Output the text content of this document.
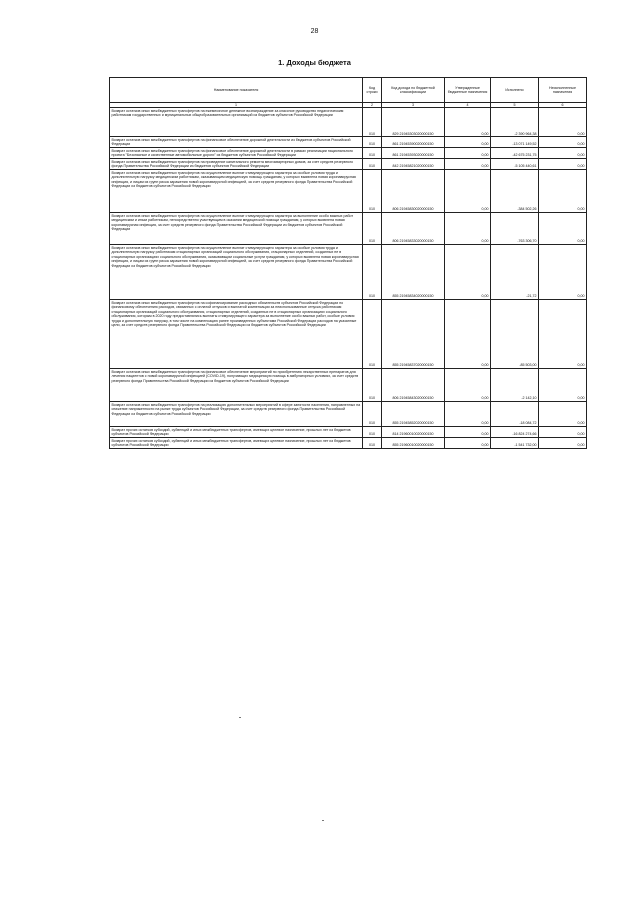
28
1. Доходы бюджета
Наименование показателя	Код строки	Код дохода по бюджетной классификации	Утвержденные бюджетные назначения	Исполнено	Неисполненные назначения
1	2	3	4	5	6
Возврат остатков иных межбюджетных трансфертов на ежемесячное денежное вознаграждение за классное руководство педагогическим работникам государственных и муниципальных общеобразовательных организаций из бюджетов субъектов Российской Федерации	010	829 21945303020000150	0,00	-2 390 964,38	0,00
Возврат остатков иных межбюджетных трансфертов на финансовое обеспечение дорожной деятельности из бюджетов субъектов Российской Федерации	010	861 21945390020000150	0,00	-13 071 149,52	0,00
Возврат остатков иных межбюджетных трансфертов на финансовое обеспечение дорожной деятельности в рамках реализации национального проекта "Безопасные и качественные автомобильные дороги" из бюджетов субъектов Российской Федерации	010	861 21945393020000150	0,00	-42 675 231,75	0,00
Возврат остатков иных межбюджетных трансфертов на проведение капитального ремонта многоквартирных домов, за счет средств резервного фонда Правительства Российской Федерации из бюджетов субъектов Российской Федерации	010	842 21945821020000150	0,00	-5 105 440,61	0,00
Возврат остатков иных межбюджетных трансфертов на осуществление выплат стимулирующего характера за особые условия труда и дополнительную нагрузку медицинским работникам, оказывающим медицинскую помощь гражданам, у которых выявлена новая коронавирусная инфекция, и лицам из групп риска заражения новой коронавирусной инфекцией, за счет средств резервного фонда Правительства Российской Федерации из бюджетов субъектов Российской Федерации	010	806 21945830020000150	0,00	-384 502,26	0,00
Возврат остатков иных межбюджетных трансфертов на осуществление выплат стимулирующего характера за выполнение особо важных работ медицинским и иным работникам, непосредственно участвующим в оказании медицинской помощи гражданам, у которых выявлена новая коронавирусная инфекция, за счет средств резервного фонда Правительства Российской Федерации из бюджетов субъектов Российской Федерации	010	806 21945833020000150	0,00	-763 306,70	0,00
Возврат остатков иных межбюджетных трансфертов на осуществление выплат стимулирующего характера за особые условия труда и дополнительную нагрузку работникам стационарных организаций социального обслуживания, стационарных отделений, созданных не в стационарных организациях социального обслуживания, оказывающим социальные услуги гражданам, у которых выявлена новая коронавирусная инфекция, и лицам из групп риска заражения новой коронавирусной инфекцией, за счет средств резервного фонда Правительства Российской Федерации из бюджетов субъектов Российской Федерации	010	855 21945834020000150	0,00	-21,72	0,00
Возврат остатков иных межбюджетных трансфертов на софинансирование расходных обязательств субъектов Российской Федерации по финансовому обеспечению расходов, связанных с оплатой отпусков и выплатой компенсации за неиспользованные отпуска работникам стационарных организаций социального обслуживания, стационарных отделений, созданных не в стационарных организациях социального обслуживания, которым в 2020 году предоставлялись выплаты стимулирующего характера за выполнение особо важных работ, особые условия труда и дополнительную нагрузку, в том числе на компенсацию ранее произведенных субъектами Российской Федерации расходов на указанные цели, за счет средств резервного фонда Правительства Российской Федерации из бюджетов субъектов Российской Федерации	010	855 21945837020000150	0,00	-85 503,00	0,00
Возврат остатков иных межбюджетных трансфертов на финансовое обеспечение мероприятий по приобретению лекарственных препаратов для лечения пациентов с новой коронавирусной инфекцией (COVID-19), получающих медицинскую помощь в амбулаторных условиях, за счет средств резервного фонда Правительства Российской Федерации из бюджетов субъектов Российской Федерации	010	806 21945843020000150	0,00	-2 142,10	0,00
Возврат остатков иных межбюджетных трансфертов на реализацию дополнительных мероприятий в сфере занятости населения, направленных на снижение напряженности на рынке труда субъектов Российской Федерации, за счет средств резервного фонда Правительства Российской Федерации из бюджетов субъектов Российской Федерации	010	855 21945852020000150	0,00	-18 084,72	0,00
Возврат прочих остатков субсидий, субвенций и иных межбюджетных трансфертов, имеющих целевое назначение, прошлых лет из бюджетов субъектов Российской Федерации	010	814 21960010020000150	0,00	-16 824 274,66	0,00
Возврат прочих остатков субсидий, субвенций и иных межбюджетных трансфертов, имеющих целевое назначение, прошлых лет из бюджетов субъектов Российской Федерации	010	855 21960010020000150	0,00	-1 541 732,00	0,00
